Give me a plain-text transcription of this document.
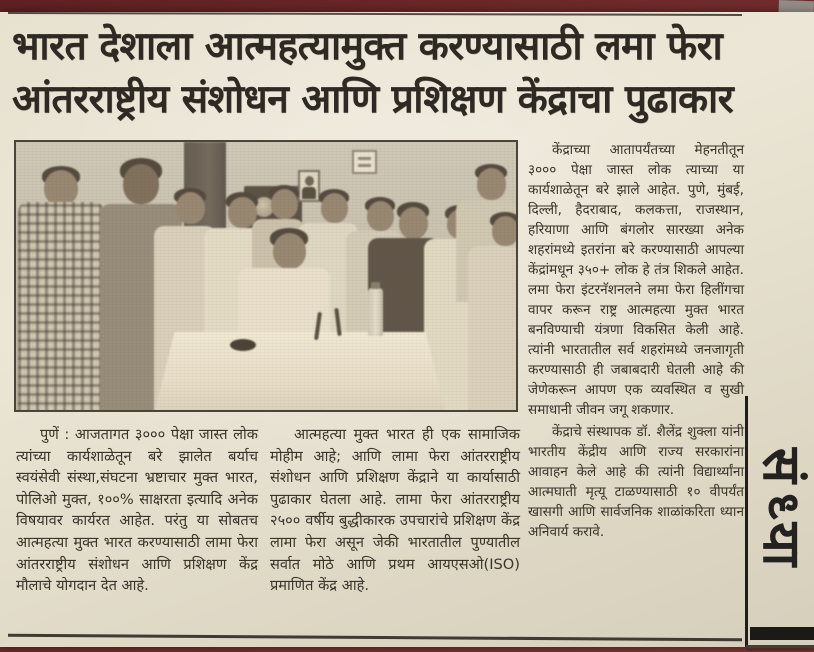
भारत देशाला आत्महत्यामुक्त करण्यासाठी लमा फेरा
आंतरराष्ट्रीय संशोधन आणि प्रशिक्षण केंद्राचा पुढाकार

केंद्राच्या आतापर्यंतच्या मेहनतीतून ३००० पेक्षा जास्त लोक त्याच्या या कार्यशाळेतून बरे झाले आहेत. पुणे, मुंबई, दिल्ली, हैदराबाद, कलकत्ता, राजस्थान, हरियाणा आणि बंगलोर सारख्या अनेक शहरांमध्ये इतरांना बरे करण्यासाठी आपल्या केंद्रांमधून ३५०+ लोक हे तंत्र शिकले आहेत. लमा फेरा इंटरनॅशनलने लमा फेरा हिलींगचा वापर करून राष्ट्र आत्महत्या मुक्त भारत बनविण्याची यंत्रणा विकसित केली आहे. त्यांनी भारतातील सर्व शहरांमध्ये जनजागृती करण्यासाठी ही जबाबदारी घेतली आहे की जेणेकरून आपण एक व्यवस्थित व सुखी समाधानी जीवन जगू शकणार.

केंद्राचे संस्थापक डॉ. शैलेंद्र शुक्ला यांनी भारतीय केंद्रीय आणि राज्य सरकारांना आवाहन केले आहे की त्यांनी विद्यार्थ्यांना आत्मघाती मृत्यू टाळण्यासाठी १० वीपर्यंत खासगी आणि सार्वजनिक शाळांकरिता ध्यान अनिवार्य करावे.

पुणें : आजतागत ३००० पेक्षा जास्त लोक त्यांच्या कार्यशाळेतून बरे झालेत बर्याच स्वयंसेवी संस्था,संघटना भ्रष्टाचार मुक्त भारत, पोलिओ मुक्त, १००% साक्षरता इत्यादि अनेक विषयावर कार्यरत आहेत. परंतु या सोबतच आत्महत्या मुक्त भारत करण्यासाठी लामा फेरा आंतरराष्ट्रीय संशोधन आणि प्रशिक्षण केंद्र मौलाचे योगदान देत आहे.

आत्महत्या मुक्त भारत ही एक सामाजिक मोहीम आहे; आणि लामा फेरा आंतरराष्ट्रीय संशोधन आणि प्रशिक्षण केंद्राने या कार्यासाठी पुढाकार घेतला आहे. लामा फेरा आंतरराष्ट्रीय २५०० वर्षीय बुद्धीकारक उपचारांचे प्रशिक्षण केंद्र लामा फेरा असून जेकी भारतातील पुण्यातील सर्वात मोठे आणि प्रथम आयएसओ(ISO) प्रमाणित केंद्र आहे.

संध्या
